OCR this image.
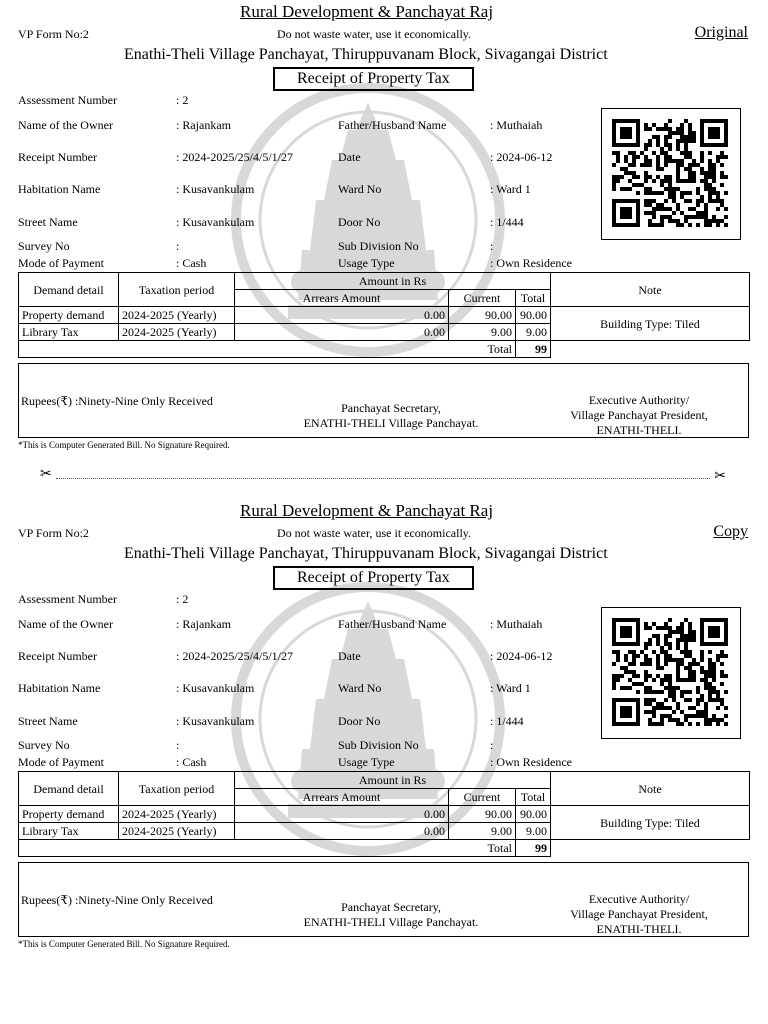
Rural Development & Panchayat Raj
VP Form No:2	Do not waste water, use it economically.	Original
Enathi-Theli Village Panchayat, Thiruppuvanam Block, Sivagangai District
Receipt of Property Tax
Assessment Number	: 2
Name of the Owner	: Rajankam	Father/Husband Name	: Muthaiah
Receipt Number	: 2024-2025/25/4/5/1/27	Date	: 2024-06-12
Habitation Name	: Kusavankulam	Ward No	: Ward 1
Street Name	: Kusavankulam	Door No	: 1/444
Survey No	:	Sub Division No	:
Mode of Payment	: Cash	Usage Type	: Own Residence
Demand detail	Taxation period	Amount in Rs			Note
		Arrears Amount	Current	Total	
Property demand	2024-2025 (Yearly)	0.00	90.00	90.00	Building Type: Tiled
Library Tax	2024-2025 (Yearly)	0.00	9.00	9.00	
Total				99	
Rupees(₹) :Ninety-Nine Only Received	Panchayat Secretary,
ENATHI-THELI Village Panchayat.
Executive Authority/
Village Panchayat President,
ENATHI-THELI.
*This is Computer Generated Bill. No Signature Required.
Rural Development & Panchayat Raj
VP Form No:2	Do not waste water, use it economically.	Copy
Enathi-Theli Village Panchayat, Thiruppuvanam Block, Sivagangai District
Receipt of Property Tax
Assessment Number	: 2
Name of the Owner	: Rajankam	Father/Husband Name	: Muthaiah
Receipt Number	: 2024-2025/25/4/5/1/27	Date	: 2024-06-12
Habitation Name	: Kusavankulam	Ward No	: Ward 1
Street Name	: Kusavankulam	Door No	: 1/444
Survey No	:	Sub Division No	:
Mode of Payment	: Cash	Usage Type	: Own Residence
Demand detail	Taxation period	Amount in Rs			Note
		Arrears Amount	Current	Total	
Property demand	2024-2025 (Yearly)	0.00	90.00	90.00	Building Type: Tiled
Library Tax	2024-2025 (Yearly)	0.00	9.00	9.00	
Total				99	
Rupees(₹) :Ninety-Nine Only Received	Panchayat Secretary,
ENATHI-THELI Village Panchayat.
Executive Authority/
Village Panchayat President,
ENATHI-THELI.
*This is Computer Generated Bill. No Signature Required.
✂	✂
